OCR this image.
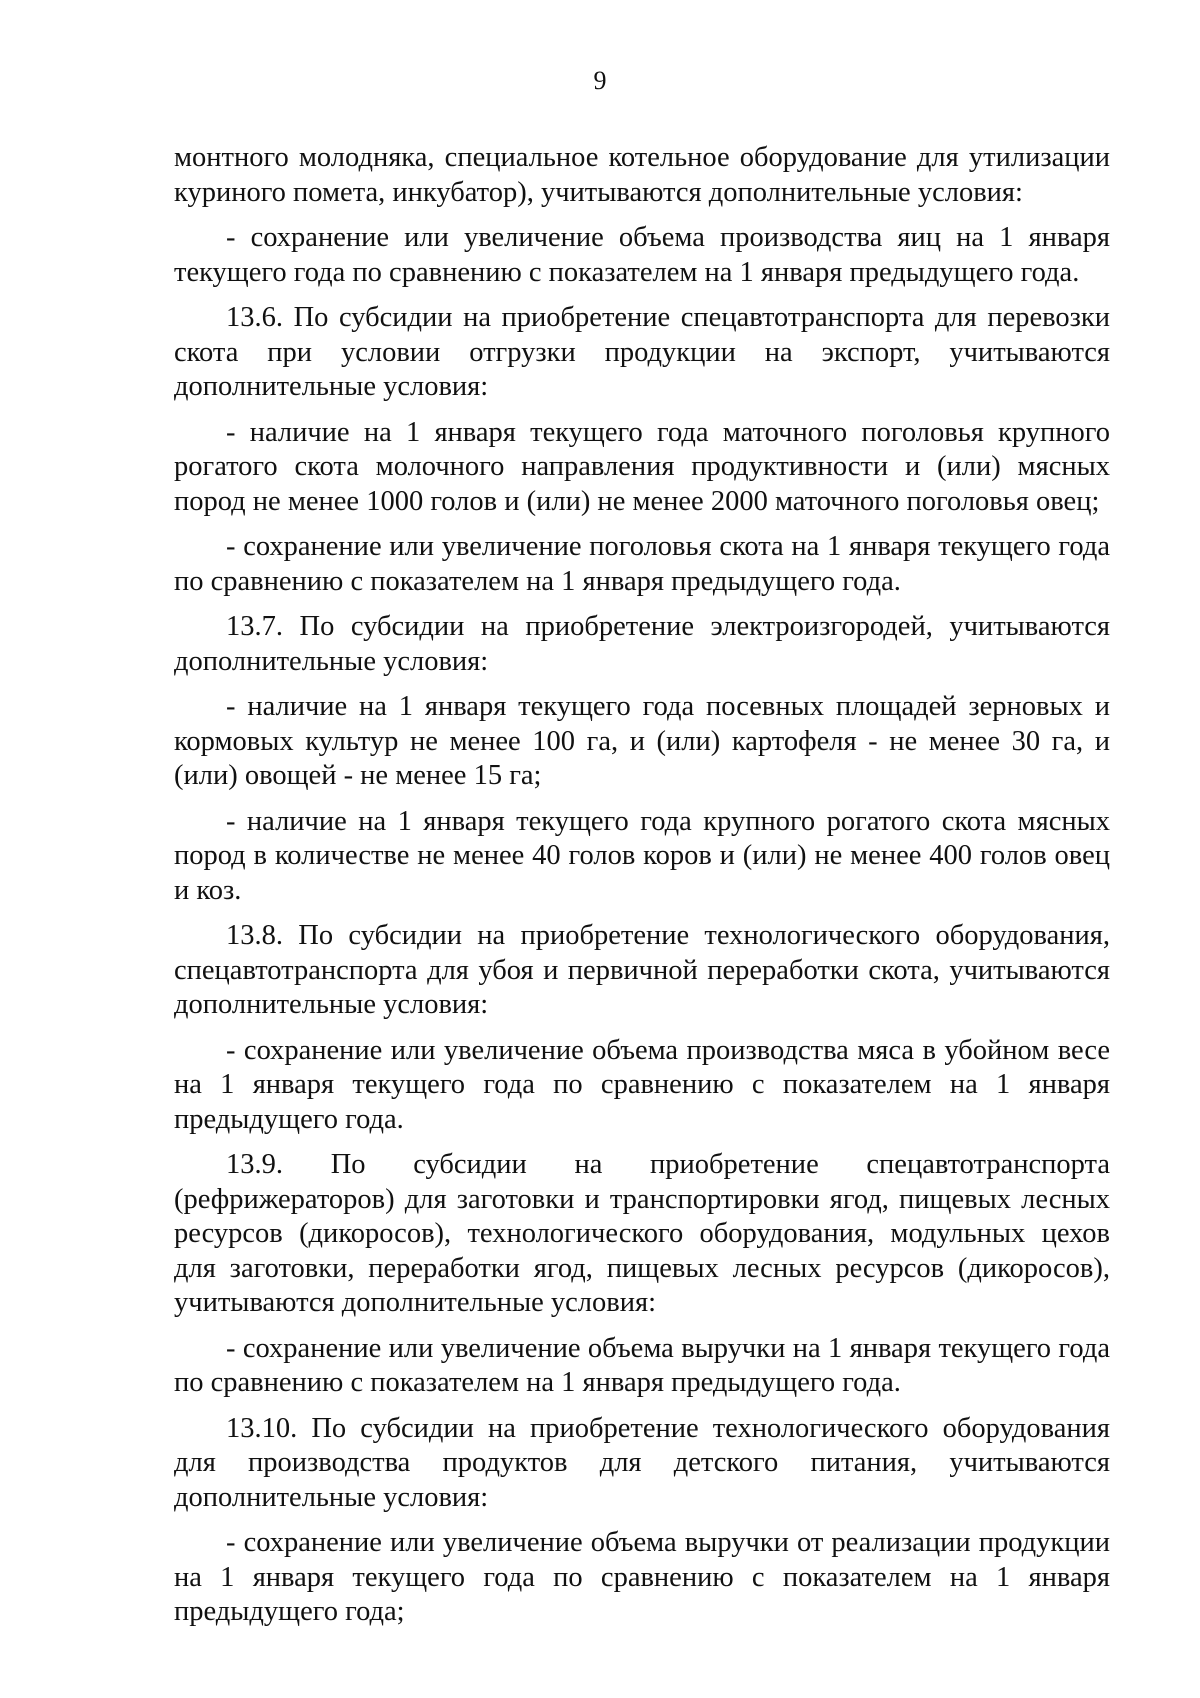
9

монтного молодняка, специальное котельное оборудование для утилизации куриного помета, инкубатор), учитываются дополнительные условия:

- сохранение или увеличение объема производства яиц на 1 января текущего года по сравнению с показателем на 1 января предыдущего года.

13.6. По субсидии на приобретение спецавтотранспорта для перевозки скота при условии отгрузки продукции на экспорт, учитываются дополнительные условия:

- наличие на 1 января текущего года маточного поголовья крупного рогатого скота молочного направления продуктивности и (или) мясных пород не менее 1000 голов и (или) не менее 2000 маточного поголовья овец;

- сохранение или увеличение поголовья скота на 1 января текущего года по сравнению с показателем на 1 января предыдущего года.

13.7. По субсидии на приобретение электроизгородей, учитываются дополнительные условия:

- наличие на 1 января текущего года посевных площадей зерновых и кормовых культур не менее 100 га, и (или) картофеля - не менее 30 га, и (или) овощей - не менее 15 га;

- наличие на 1 января текущего года крупного рогатого скота мясных пород в количестве не менее 40 голов коров и (или) не менее 400 голов овец и коз.

13.8. По субсидии на приобретение технологического оборудования, спецавтотранспорта для убоя и первичной переработки скота, учитываются дополнительные условия:

- сохранение или увеличение объема производства мяса в убойном весе на 1 января текущего года по сравнению с показателем на 1 января предыдущего года.

13.9. По субсидии на приобретение спецавтотранспорта (рефрижераторов) для заготовки и транспортировки ягод, пищевых лесных ресурсов (дикоросов), технологического оборудования, модульных цехов для заготовки, переработки ягод, пищевых лесных ресурсов (дикоросов), учитываются дополнительные условия:

- сохранение или увеличение объема выручки на 1 января текущего года по сравнению с показателем на 1 января предыдущего года.

13.10. По субсидии на приобретение технологического оборудования для производства продуктов для детского питания, учитываются дополнительные условия:

- сохранение или увеличение объема выручки от реализации продукции на 1 января текущего года по сравнению с показателем на 1 января предыдущего года;
